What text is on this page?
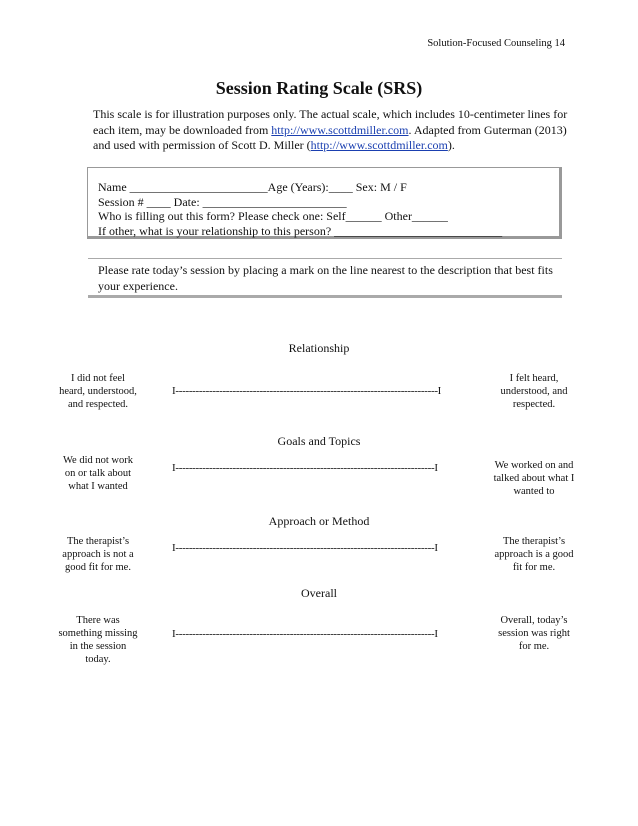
Solution-Focused Counseling 14
Session Rating Scale (SRS)
This scale is for illustration purposes only. The actual scale, which includes 10-centimeter lines for each item, may be downloaded from http://www.scottdmiller.com. Adapted from Guterman (2013) and used with permission of Scott D. Miller (http://www.scottdmiller.com).
Name _______________________Age (Years):____ Sex: M / F
Session # ____ Date: ________________________
Who is filling out this form? Please check one: Self______ Other______
If other, what is your relationship to this person? ____________________________
Please rate today’s session by placing a mark on the line nearest to the description that best fits your experience.
Relationship
I did not feel heard, understood, and respected.
I------------------------------------------------------------------------------I
I felt heard, understood, and respected.
Goals and Topics
We did not work on or talk about what I wanted
I-----------------------------------------------------------------------------I	We worked on and talked about what I wanted to
Approach or Method
The therapist’s approach is not a good fit for me.
I-----------------------------------------------------------------------------I
The therapist’s approach is a good fit for me.
Overall
There was something missing in the session today.
I-----------------------------------------------------------------------------I
Overall, today’s session was right for me.
